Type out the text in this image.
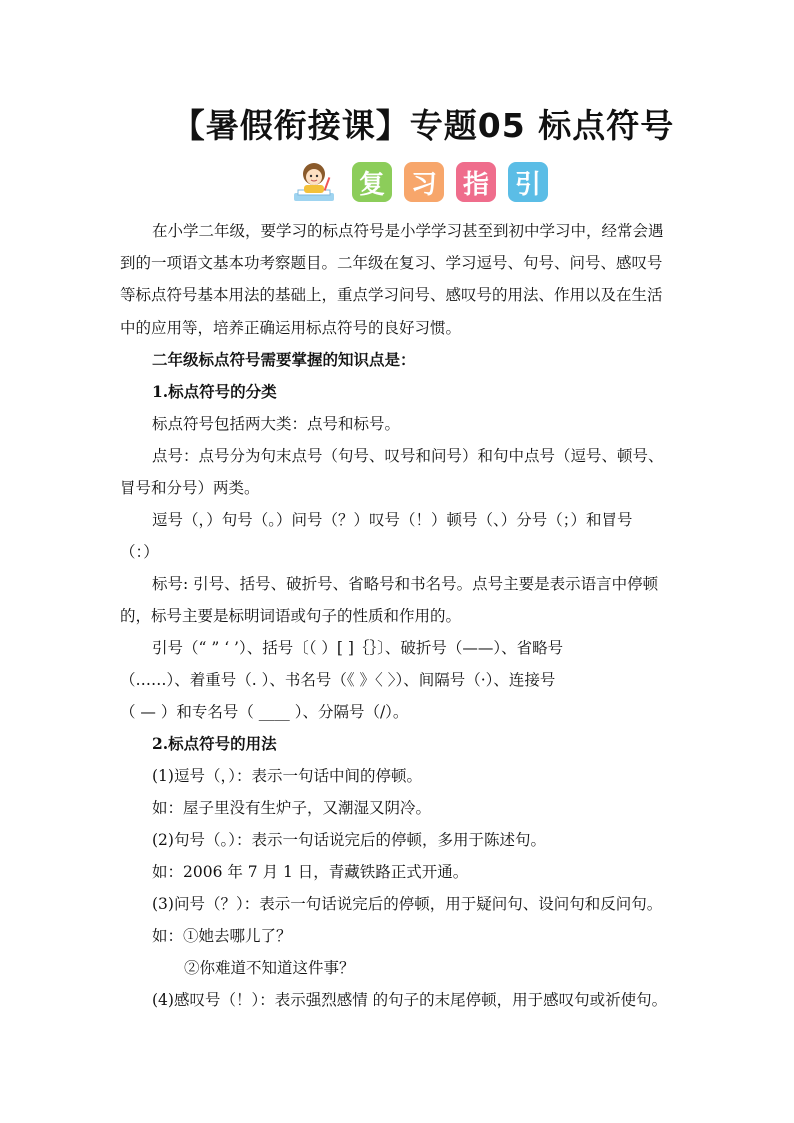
【暑假衔接课】专题05 标点符号
复 习 指 引
在小学二年级，要学习的标点符号是小学学习甚至到初中学习中，经常会遇
到的一项语文基本功考察题目。二年级在复习、学习逗号、句号、问号、感叹号
等标点符号基本用法的基础上，重点学习问号、感叹号的用法、作用以及在生活
中的应用等，培养正确运用标点符号的良好习惯。
二年级标点符号需要掌握的知识点是：
1.标点符号的分类
标点符号包括两大类：点号和标号。
点号：点号分为句末点号（句号、叹号和问号）和句中点号（逗号、顿号、
冒号和分号）两类。
逗号（，）句号（。）问号（？）叹号（！）顿号（、）分号（；）和冒号
（：）
标号: 引号、括号、破折号、省略号和书名号。点号主要是表示语言中停顿
的，标号主要是标明词语或句子的性质和作用的。
引号（“ ” ‘ ’）、括号〔（ ）[ ]｛｝〕、破折号（——）、省略号
（……）、着重号（. ）、书名号（《 》〈 〉）、间隔号（·）、连接号
（ — ）和专名号（ ____ ）、分隔号（/）。
2.标点符号的用法
(1)逗号（，）：表示一句话中间的停顿。
如：屋子里没有生炉子，又潮湿又阴冷。
(2)句号（。）：表示一句话说完后的停顿，多用于陈述句。
如：2006 年 7 月 1 日，青藏铁路正式开通。
(3)问号（？）：表示一句话说完后的停顿，用于疑问句、设问句和反问句。
如：①她去哪儿了？
②你难道不知道这件事？
(4)感叹号（！）：表示强烈感情 的句子的末尾停顿，用于感叹句或祈使句。
